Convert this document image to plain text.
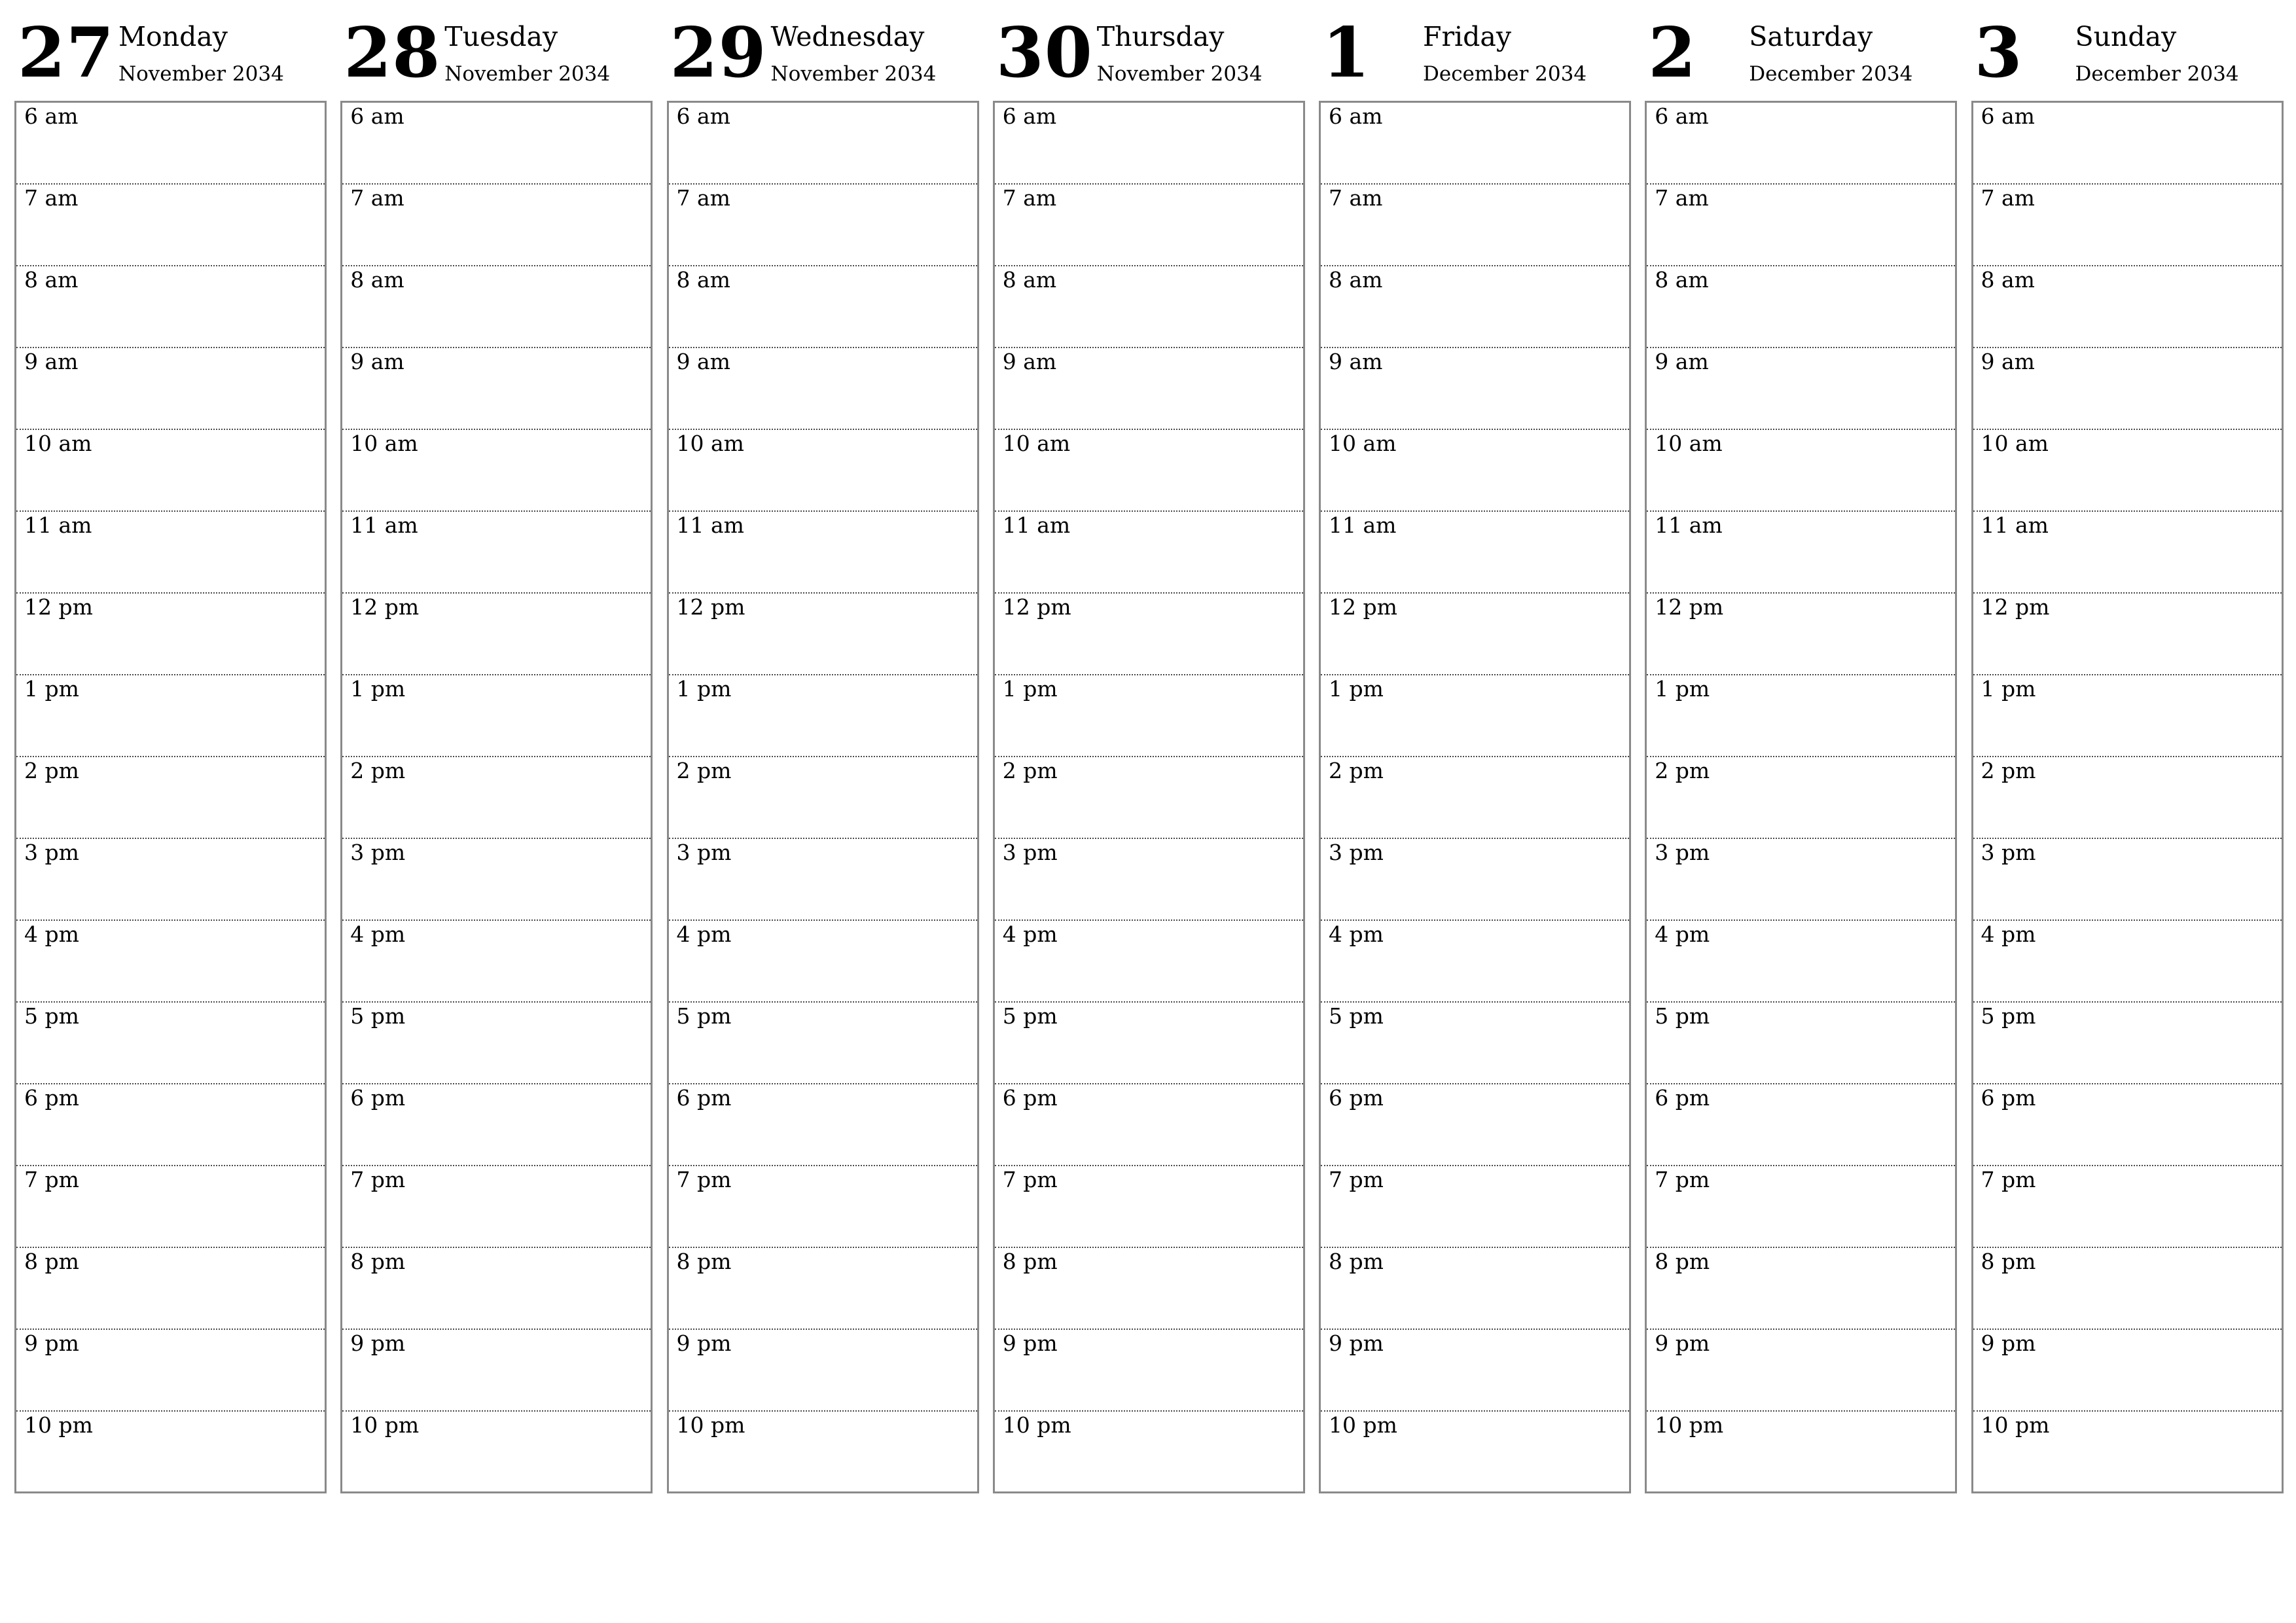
27 Monday
November 2034
6 am
7 am
8 am
9 am
10 am
11 am
12 pm
1 pm
2 pm
3 pm
4 pm
5 pm
6 pm
7 pm
8 pm
9 pm
10 pm
28 Tuesday
November 2034
6 am
7 am
8 am
9 am
10 am
11 am
12 pm
1 pm
2 pm
3 pm
4 pm
5 pm
6 pm
7 pm
8 pm
9 pm
10 pm
29 Wednesday
November 2034
6 am
7 am
8 am
9 am
10 am
11 am
12 pm
1 pm
2 pm
3 pm
4 pm
5 pm
6 pm
7 pm
8 pm
9 pm
10 pm
30 Thursday
November 2034
6 am
7 am
8 am
9 am
10 am
11 am
12 pm
1 pm
2 pm
3 pm
4 pm
5 pm
6 pm
7 pm
8 pm
9 pm
10 pm
1 Friday
December 2034
6 am
7 am
8 am
9 am
10 am
11 am
12 pm
1 pm
2 pm
3 pm
4 pm
5 pm
6 pm
7 pm
8 pm
9 pm
10 pm
2 Saturday
December 2034
6 am
7 am
8 am
9 am
10 am
11 am
12 pm
1 pm
2 pm
3 pm
4 pm
5 pm
6 pm
7 pm
8 pm
9 pm
10 pm
3 Sunday
December 2034
6 am
7 am
8 am
9 am
10 am
11 am
12 pm
1 pm
2 pm
3 pm
4 pm
5 pm
6 pm
7 pm
8 pm
9 pm
10 pm
